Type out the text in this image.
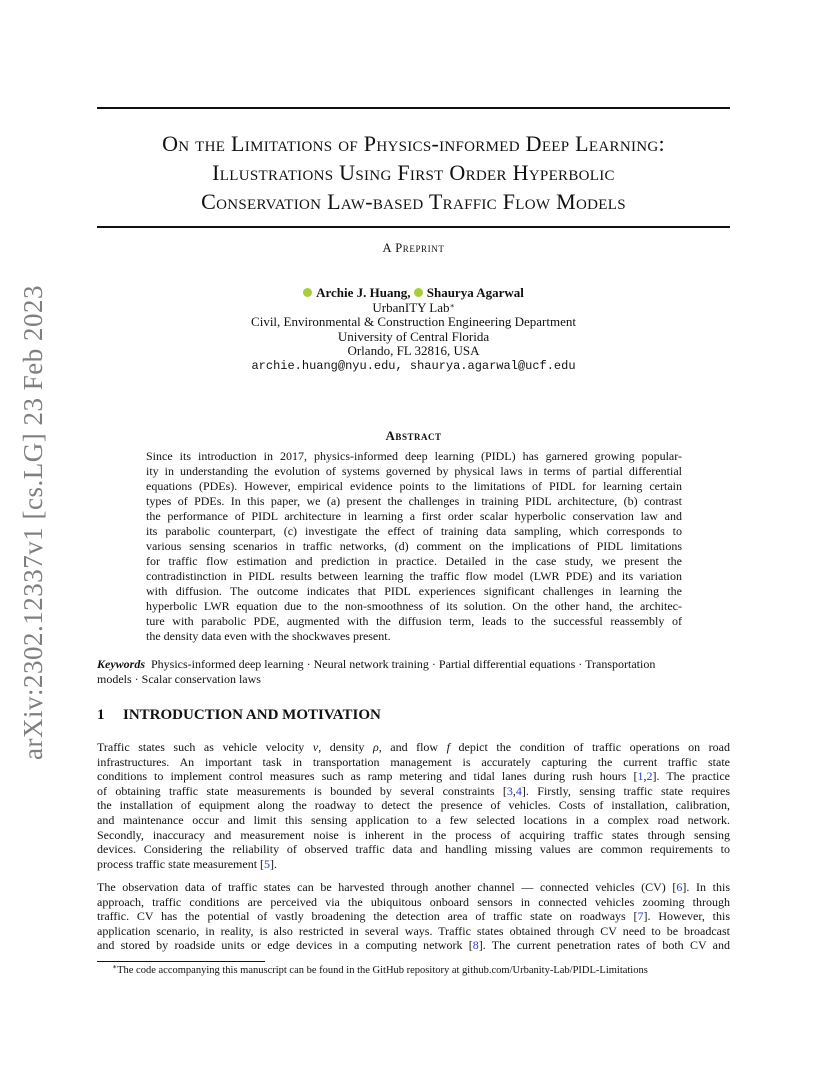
arXiv:2302.12337v1 [cs.LG] 23 Feb 2023
On the Limitations of Physics-informed Deep Learning:
Illustrations Using First Order Hyperbolic
Conservation Law-based Traffic Flow Models
A Preprint
Archie J. Huang, Shaurya Agarwal
UrbanITY Lab∗
Civil, Environmental & Construction Engineering Department
University of Central Florida
Orlando, FL 32816, USA
archie.huang@nyu.edu, shaurya.agarwal@ucf.edu
Abstract
Since its introduction in 2017, physics-informed deep learning (PIDL) has garnered growing popular-
ity in understanding the evolution of systems governed by physical laws in terms of partial differential
equations (PDEs). However, empirical evidence points to the limitations of PIDL for learning certain
types of PDEs. In this paper, we (a) present the challenges in training PIDL architecture, (b) contrast
the performance of PIDL architecture in learning a first order scalar hyperbolic conservation law and
its parabolic counterpart, (c) investigate the effect of training data sampling, which corresponds to
various sensing scenarios in traffic networks, (d) comment on the implications of PIDL limitations
for traffic flow estimation and prediction in practice. Detailed in the case study, we present the
contradistinction in PIDL results between learning the traffic flow model (LWR PDE) and its variation
with diffusion. The outcome indicates that PIDL experiences significant challenges in learning the
hyperbolic LWR equation due to the non-smoothness of its solution. On the other hand, the architec-
ture with parabolic PDE, augmented with the diffusion term, leads to the successful reassembly of
the density data even with the shockwaves present.
Keywords Physics-informed deep learning · Neural network training · Partial differential equations · Transportation
models · Scalar conservation laws
1 INTRODUCTION AND MOTIVATION
Traffic states such as vehicle velocity v, density ρ, and flow f depict the condition of traffic operations on road
infrastructures. An important task in transportation management is accurately capturing the current traffic state
conditions to implement control measures such as ramp metering and tidal lanes during rush hours [1,2]. The practice
of obtaining traffic state measurements is bounded by several constraints [3,4]. Firstly, sensing traffic state requires
the installation of equipment along the roadway to detect the presence of vehicles. Costs of installation, calibration,
and maintenance occur and limit this sensing application to a few selected locations in a complex road network.
Secondly, inaccuracy and measurement noise is inherent in the process of acquiring traffic states through sensing
devices. Considering the reliability of observed traffic data and handling missing values are common requirements to
process traffic state measurement [5].
The observation data of traffic states can be harvested through another channel — connected vehicles (CV) [6]. In this
approach, traffic conditions are perceived via the ubiquitous onboard sensors in connected vehicles zooming through
traffic. CV has the potential of vastly broadening the detection area of traffic state on roadways [7]. However, this
application scenario, in reality, is also restricted in several ways. Traffic states obtained through CV need to be broadcast
and stored by roadside units or edge devices in a computing network [8]. The current penetration rates of both CV and
∗The code accompanying this manuscript can be found in the GitHub repository at github.com/Urbanity-Lab/PIDL-Limitations
